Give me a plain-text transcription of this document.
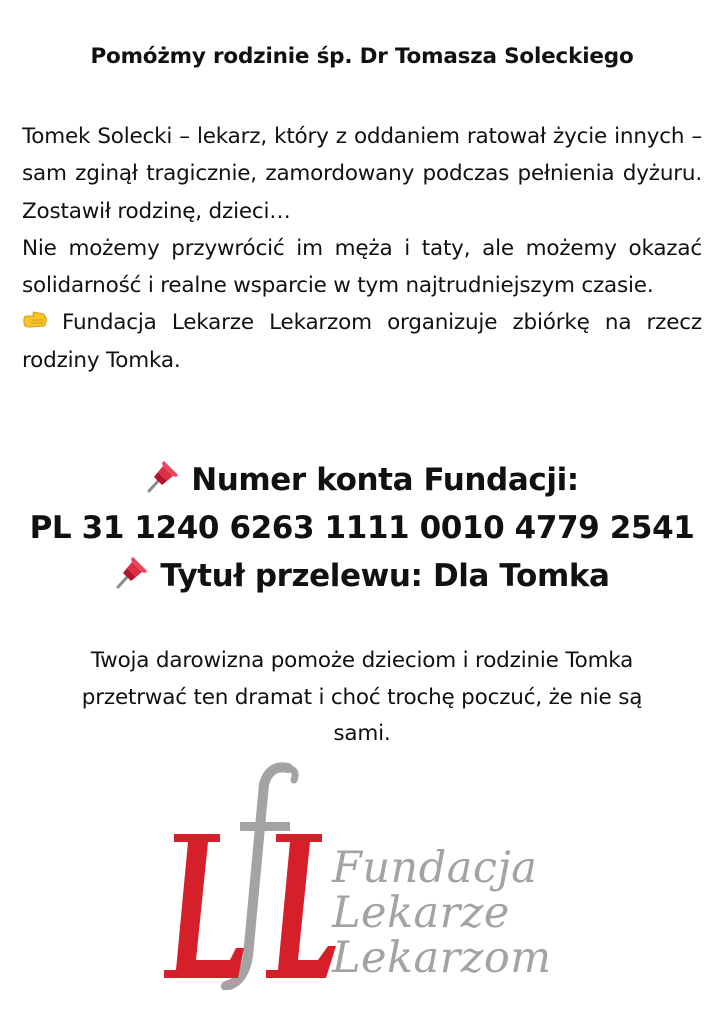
Pomóżmy rodzinie śp. Dr Tomasza Soleckiego

Tomek Solecki – lekarz, który z oddaniem ratował życie innych – sam zginął tragicznie, zamordowany podczas pełnienia dyżuru. Zostawił rodzinę, dzieci…

Nie możemy przywrócić im męża i taty, ale możemy okazać solidarność i realne wsparcie w tym najtrudniejszym czasie.

Fundacja Lekarze Lekarzom organizuje zbiórkę na rzecz rodziny Tomka.

Numer konta Fundacji:
PL 31 1240 6263 1111 0010 4779 2541
Tytuł przelewu: Dla Tomka
Twoja darowizna pomoże dzieciom i rodzinie Tomka
przetrwać ten dramat i choć trochę poczuć, że nie są
sami.
Fundacja
Lekarze
Lekarzom
